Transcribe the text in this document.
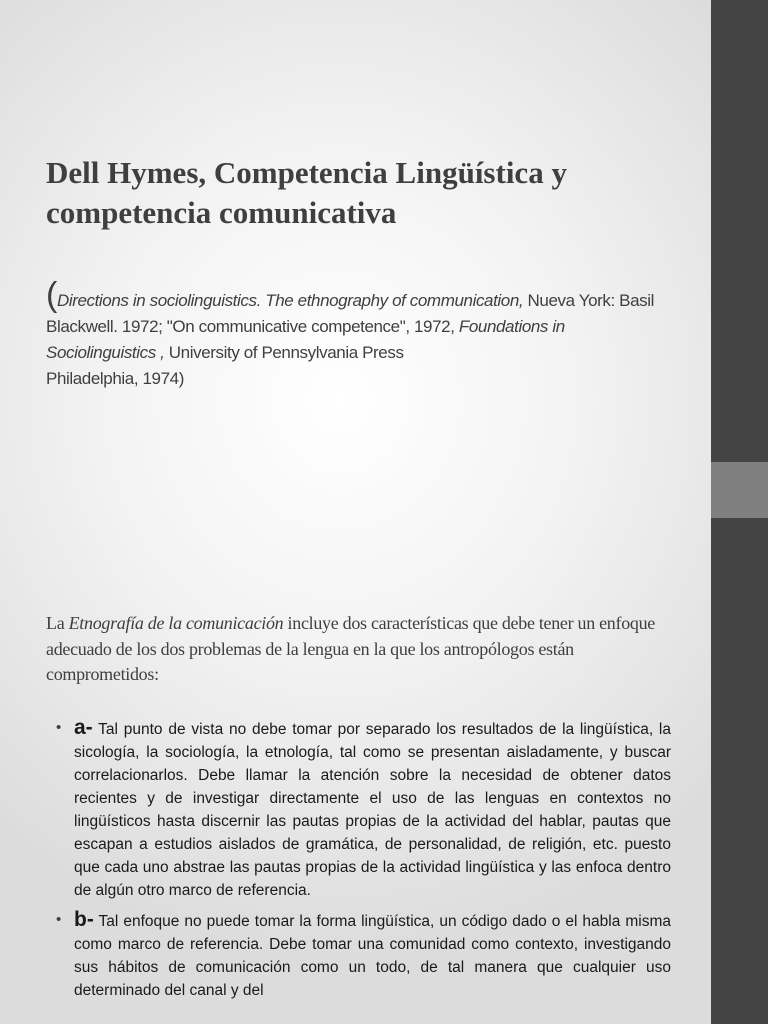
Dell Hymes, Competencia Lingüística y
competencia comunicativa
(Directions in sociolinguistics. The ethnography of communication, Nueva York: Basil Blackwell. 1972; "On communicative competence", 1972, Foundations in Sociolinguistics , University of Pennsylvania Press
Philadelphia, 1974)

La Etnografía de la comunicación incluye dos características que debe tener un enfoque adecuado de los dos problemas de la lengua en la que los antropólogos están comprometidos:

• a- Tal punto de vista no debe tomar por separado los resultados de la lingüística, la sicología, la sociología, la etnología, tal como se presentan aisladamente, y buscar correlacionarlos. Debe llamar la atención sobre la necesidad de obtener datos recientes y de investigar directamente el uso de las lenguas en contextos no lingüísticos hasta discernir las pautas propias de la actividad del hablar, pautas que escapan a estudios aislados de gramática, de personalidad, de religión, etc. puesto que cada uno abstrae las pautas propias de la actividad lingüística y las enfoca dentro de algún otro marco de referencia.
• b- Tal enfoque no puede tomar la forma lingüística, un código dado o el habla misma como marco de referencia. Debe tomar una comunidad como contexto, investigando sus hábitos de comunicación como un todo, de tal manera que cualquier uso determinado del canal y del
